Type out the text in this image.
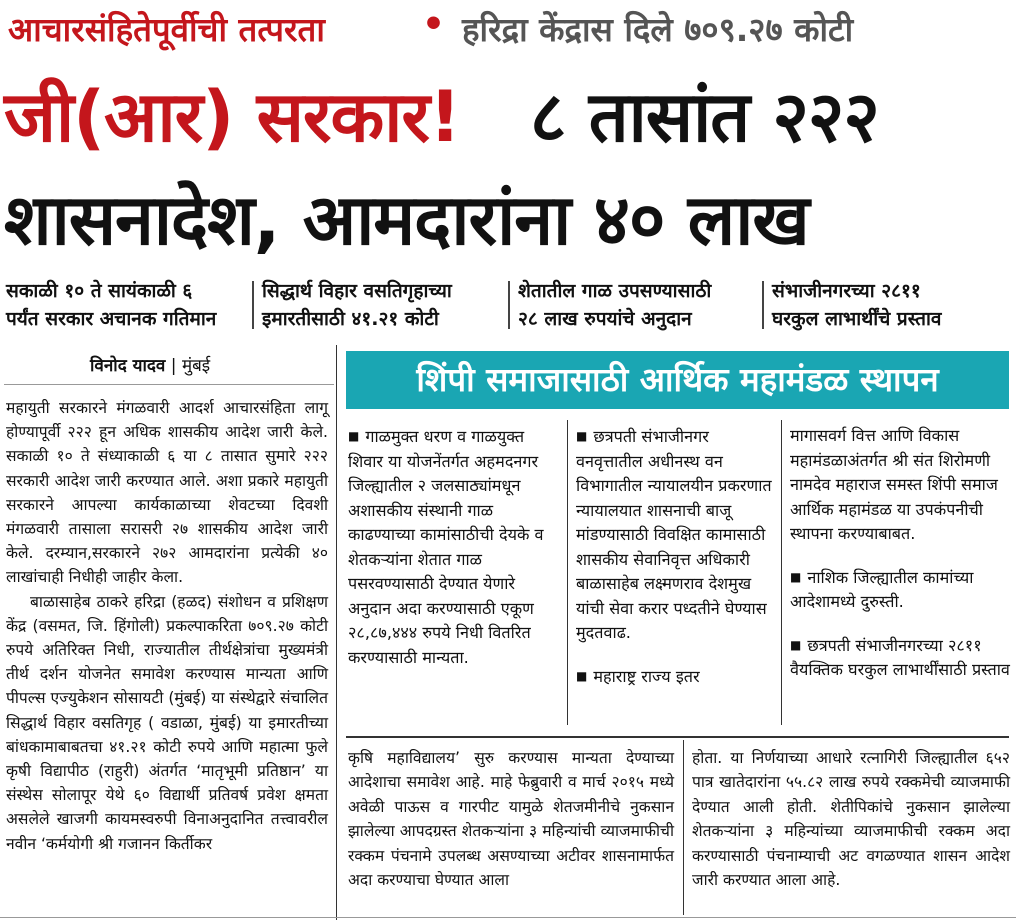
आचारसंहितेपूर्वीची तत्परता	• हरिद्रा केंद्रास दिले ७०९.२७ कोटी
जी(आर) सरकार! ८ तासांत २२२
शासनादेश, आमदारांना ४० लाख
सकाळी १० ते सायंकाळी ६
पर्यंत सरकार अचानक गतिमान
सिद्धार्थ विहार वसतिगृहाच्या
इमारतीसाठी ४१.२१ कोटी
शेतातील गाळ उपसण्यासाठी
२८ लाख रुपयांचे अनुदान
संभाजीनगरच्या २८११
घरकुल लाभार्थींचे प्रस्ताव
विनोद यादव | मुंबई

महायुती सरकारने मंगळवारी आदर्श आचारसंहिता लागू होण्यापूर्वी २२२ हून अधिक शासकीय आदेश जारी केले. सकाळी १० ते संध्याकाळी ६ या ८ तासात सुमारे २२२ सरकारी आदेश जारी करण्यात आले. अशा प्रकारे महायुती सरकारने आपल्या कार्यकाळाच्या शेवटच्या दिवशी मंगळवारी तासाला सरासरी २७ शासकीय आदेश जारी केले. दरम्यान,सरकारने २७२ आमदारांना प्रत्येकी ४० लाखांचाही निधीही जाहीर केला.

बाळासाहेब ठाकरे हरिद्रा (हळद) संशोधन व प्रशिक्षण केंद्र (वसमत, जि. हिंगोली) प्रकल्पाकरिता ७०९.२७ कोटी रुपये अतिरिक्त निधी, राज्यातील तीर्थक्षेत्रांचा मुख्यमंत्री तीर्थ दर्शन योजनेत समावेश करण्यास मान्यता आणि पीपल्स एज्युकेशन सोसायटी (मुंबई) या संस्थेद्वारे संचालित सिद्धार्थ विहार वसतिगृह ( वडाळा, मुंबई) या इमारतीच्या बांधकामाबाबतचा ४१.२१ कोटी रुपये आणि महात्मा फुले कृषी विद्यापीठ (राहुरी) अंतर्गत ‘मातृभूमी प्रतिष्ठान’ या संस्थेस सोलापूर येथे ६० विद्यार्थी प्रतिवर्ष प्रवेश क्षमता असलेले खाजगी कायमस्वरुपी विनाअनुदानित तत्त्वावरील नवीन ‘कर्मयोगी श्री गजानन किर्तीकर

शिंपी समाजासाठी आर्थिक महामंडळ स्थापन
■ गाळमुक्त धरण व गाळयुक्त शिवार या योजनेंतर्गत अहमदनगर जिल्ह्यातील २ जलसाठ्यांमधून अशासकीय संस्थानी गाळ काढण्याच्या कामांसाठीची देयके व शेतकऱ्यांना शेतात गाळ पसरवण्यासाठी देण्यात येणारे अनुदान अदा करण्यासाठी एकूण २८,८७,४४४ रुपये निधी वितरित करण्यासाठी मान्यता.
■ छत्रपती संभाजीनगर वनवृत्तातील अधीनस्थ वन विभागातील न्यायालयीन प्रकरणात न्यायालयात शासनाची बाजू मांडण्यासाठी विवक्षित कामासाठी शासकीय सेवानिवृत्त अधिकारी बाळासाहेब लक्ष्मणराव देशमुख यांची सेवा करार पध्दतीने घेण्यास मुदतवाढ.
■ महाराष्ट्र राज्य इतर
मागासवर्ग वित्त आणि विकास महामंडळाअंतर्गत श्री संत शिरोमणी नामदेव महाराज समस्त शिंपी समाज आर्थिक महामंडळ या उपकंपनीची स्थापना करण्याबाबत.
■ नाशिक जिल्ह्यातील कामांच्या आदेशामध्ये दुरुस्ती.
■ छत्रपती संभाजीनगरच्या २८११ वैयक्तिक घरकुल लाभार्थींसाठी प्रस्ताव
कृषि महाविद्यालय’ सुरु करण्यास मान्यता देण्याच्या आदेशाचा समावेश आहे. माहे फेब्रुवारी व मार्च २०१५ मध्ये अवेळी पाऊस व गारपीट यामुळे शेतजमीनीचे नुकसान झालेल्या आपदग्रस्त शेतकऱ्यांना ३ महिन्यांची व्याजमाफीची रक्कम पंचनामे उपलब्ध असण्याच्या अटीवर शासनामार्फत अदा करण्याचा घेण्यात आला
होता. या निर्णयाच्या आधारे रत्नागिरी जिल्ह्यातील ६५२ पात्र खातेदारांना ५५.८२ लाख रुपये रक्कमेची व्याजमाफी देण्यात आली होती. शेतीपिकांचे नुकसान झालेल्या शेतकऱ्यांना ३ महिन्यांच्या व्याजमाफीची रक्कम अदा करण्यासाठी पंचनाम्याची अट वगळण्यात शासन आदेश जारी करण्यात आला आहे.
